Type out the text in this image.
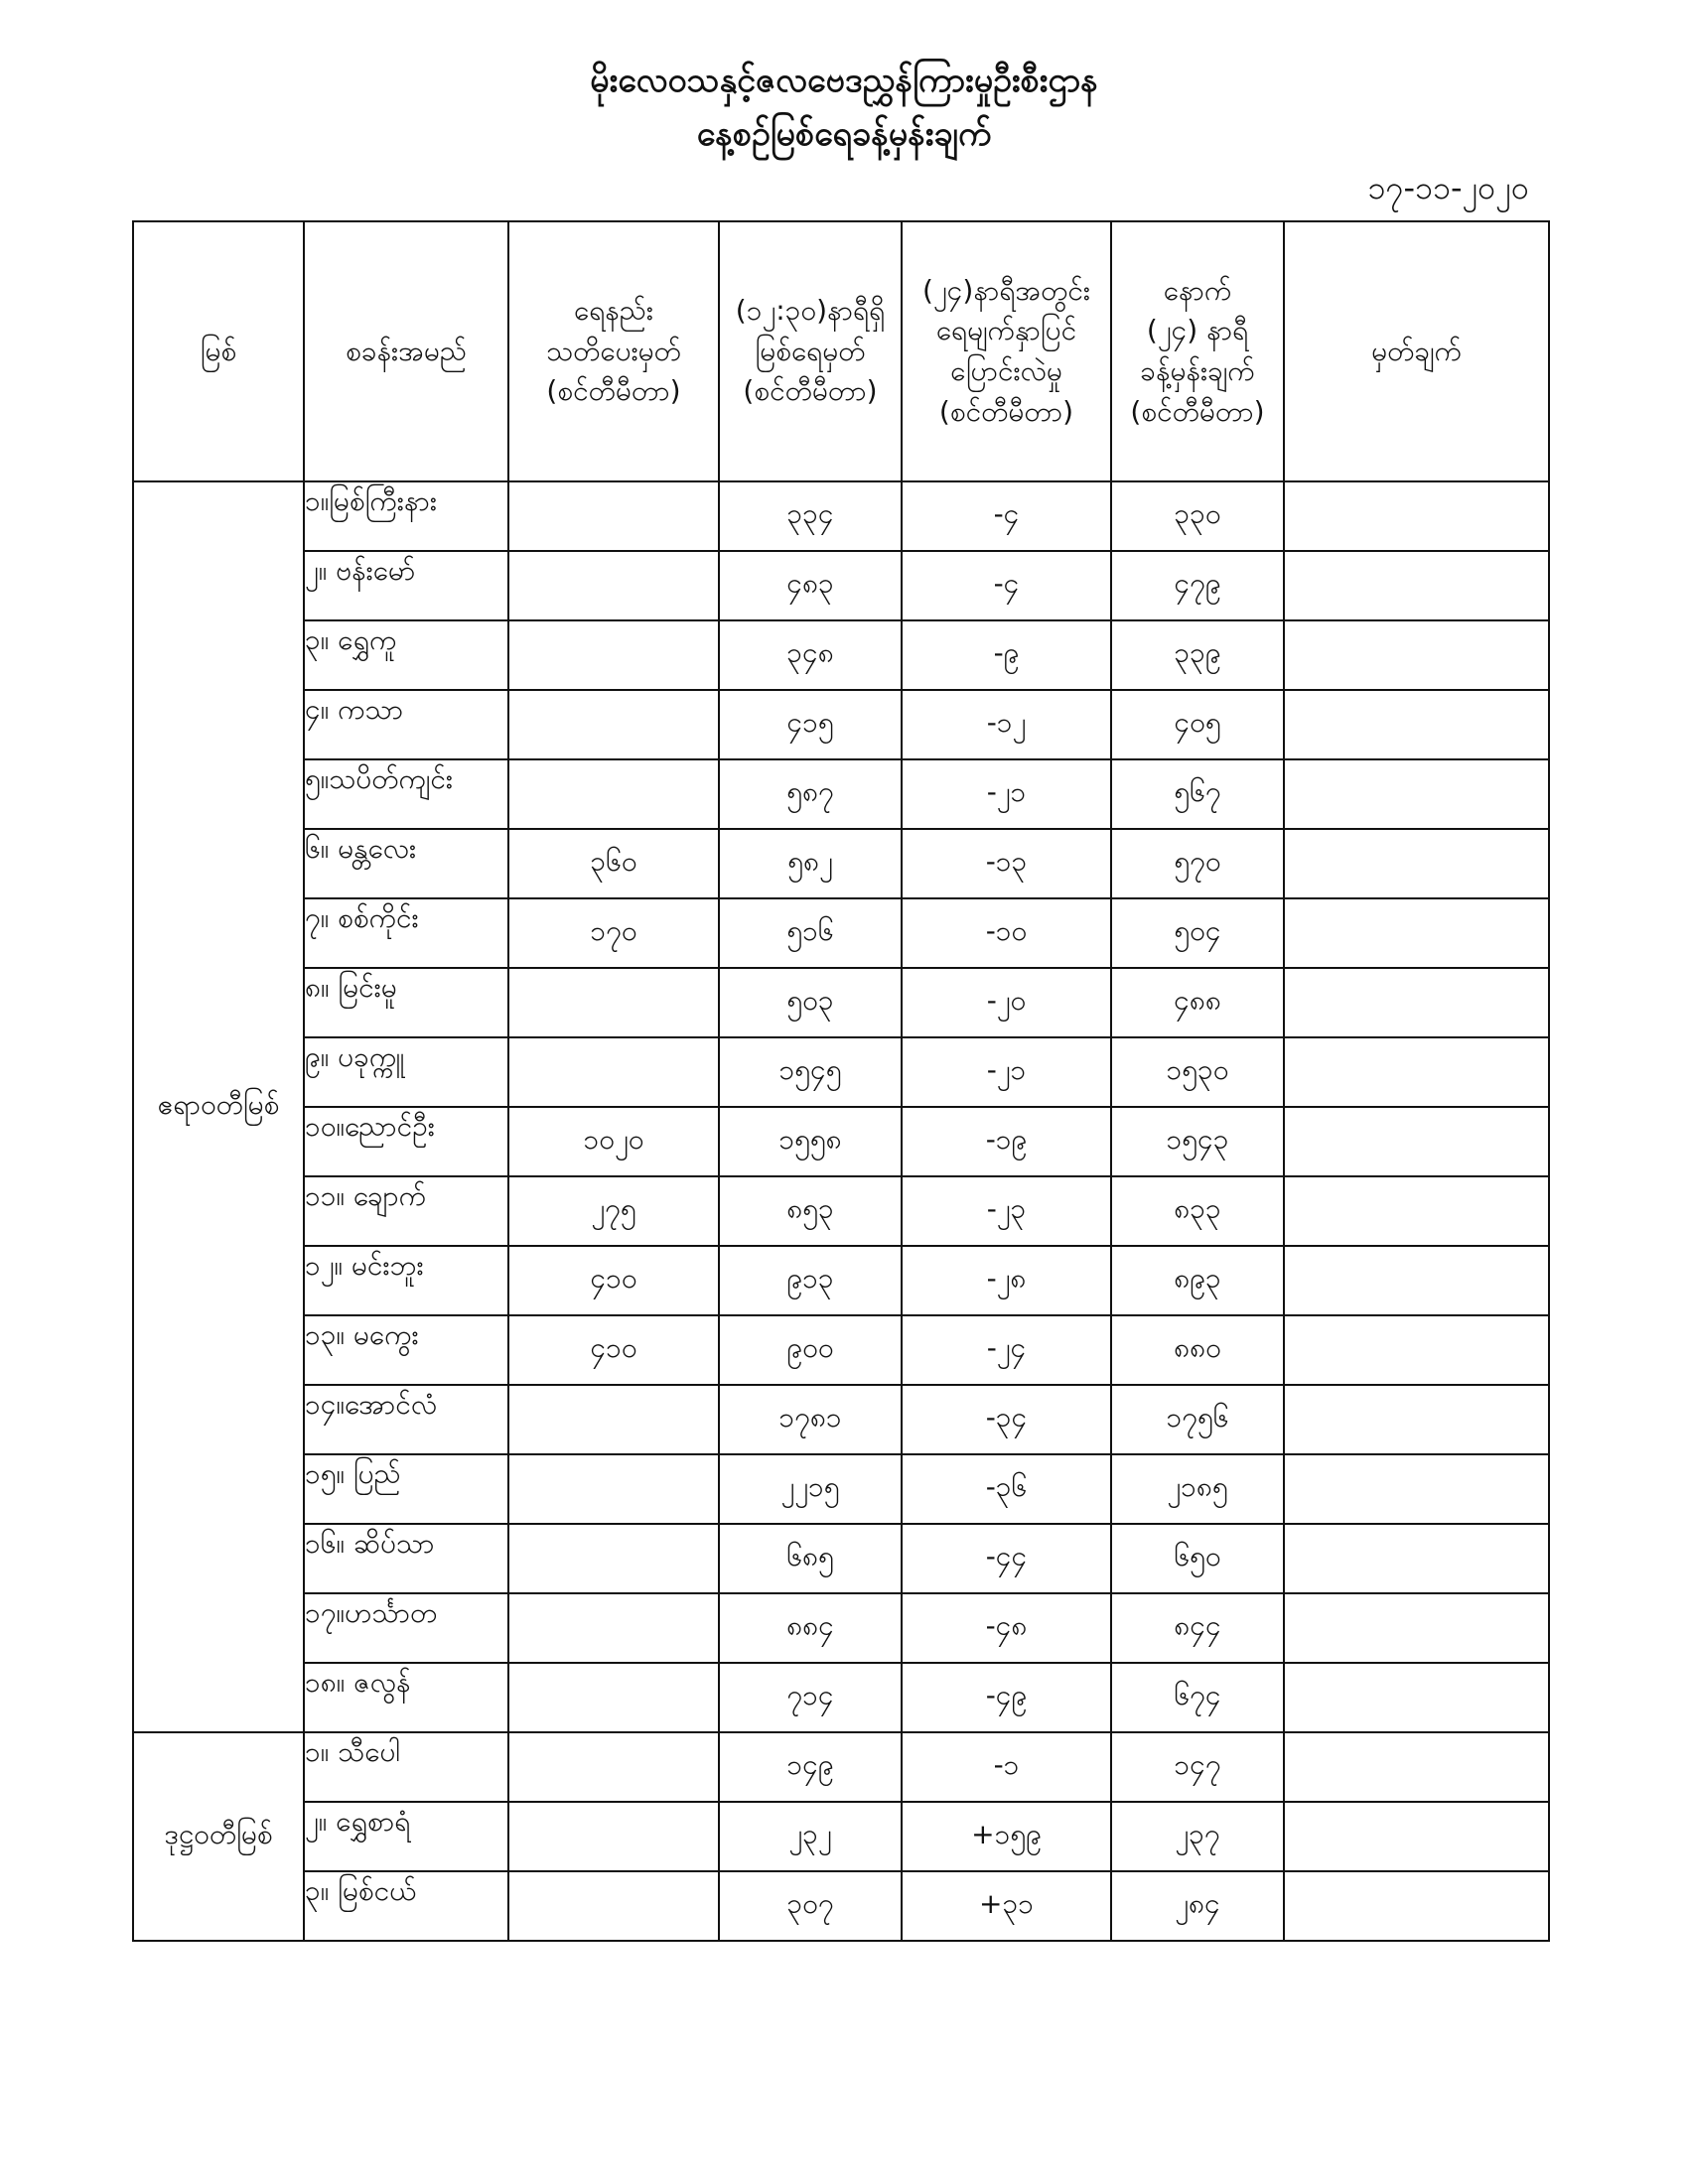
မိုးလေဝသနှင့်ဇလဗေဒညွှန်ကြားမှုဦးစီးဌာန
နေ့စဉ်မြစ်ရေခန့်မှန်းချက်
၁၇-၁၁-၂၀၂၀
မြစ်	စခန်းအမည်	ရေနည်း
သတိပေးမှတ်
(စင်တီမီတာ)	(၁၂:၃၀)နာရီရှိ
မြစ်ရေမှတ်
(စင်တီမီတာ)	(၂၄)နာရီအတွင်း
ရေမျက်နှာပြင်
ပြောင်းလဲမှု
(စင်တီမီတာ)	နောက်
(၂၄) နာရီ
ခန့်မှန်းချက်
(စင်တီမီတာ)	မှတ်ချက်
ဧရာဝတီမြစ်	၁။မြစ်ကြီးနား		၃၃၄	-၄	၃၃၀	
	၂။ ဗန်းမော်		၄၈၃	-၄	၄၇၉	
	၃။ ရွှေကူ		၃၄၈	-၉	၃၃၉	
	၄။ ကသာ		၄၁၅	-၁၂	၄၀၅	
	၅။သပိတ်ကျင်း		၅၈၇	-၂၁	၅၆၇	
	၆။ မန္တလေး	၃၆၀	၅၈၂	-၁၃	၅၇၀	
	၇။ စစ်ကိုင်း	၁၇၀	၅၁၆	-၁၀	၅၀၄	
	၈။ မြင်းမူ		၅၀၃	-၂၀	၄၈၈	
	၉။ ပခုက္ကူ		၁၅၄၅	-၂၁	၁၅၃၀	
	၁၀။ညောင်ဦး	၁၀၂၀	၁၅၅၈	-၁၉	၁၅၄၃	
	၁၁။ ချောက်	၂၇၅	၈၅၃	-၂၃	၈၃၃	
	၁၂။ မင်းဘူး	၄၁၀	၉၁၃	-၂၈	၈၉၃	
	၁၃။ မကွေး	၄၁၀	၉၀၀	-၂၄	၈၈၀	
	၁၄။အောင်လံ		၁၇၈၁	-၃၄	၁၇၅၆	
	၁၅။ ပြည်		၂၂၁၅	-၃၆	၂၁၈၅	
	၁၆။ ဆိပ်သာ		၆၈၅	-၄၄	၆၅၀	
	၁၇။ဟင်္သာတ		၈၈၄	-၄၈	၈၄၄	
	၁၈။ ဇလွန်		၇၁၄	-၄၉	၆၇၄	
ဒုဋ္ဌဝတီမြစ်	၁။ သီပေါ		၁၄၉	-၁	၁၄၇	
	၂။ ရွှေစာရံ		၂၃၂	+၁၅၉	၂၃၇	
	၃။ မြစ်ငယ်		၃၀၇	+၃၁	၂၈၄	
